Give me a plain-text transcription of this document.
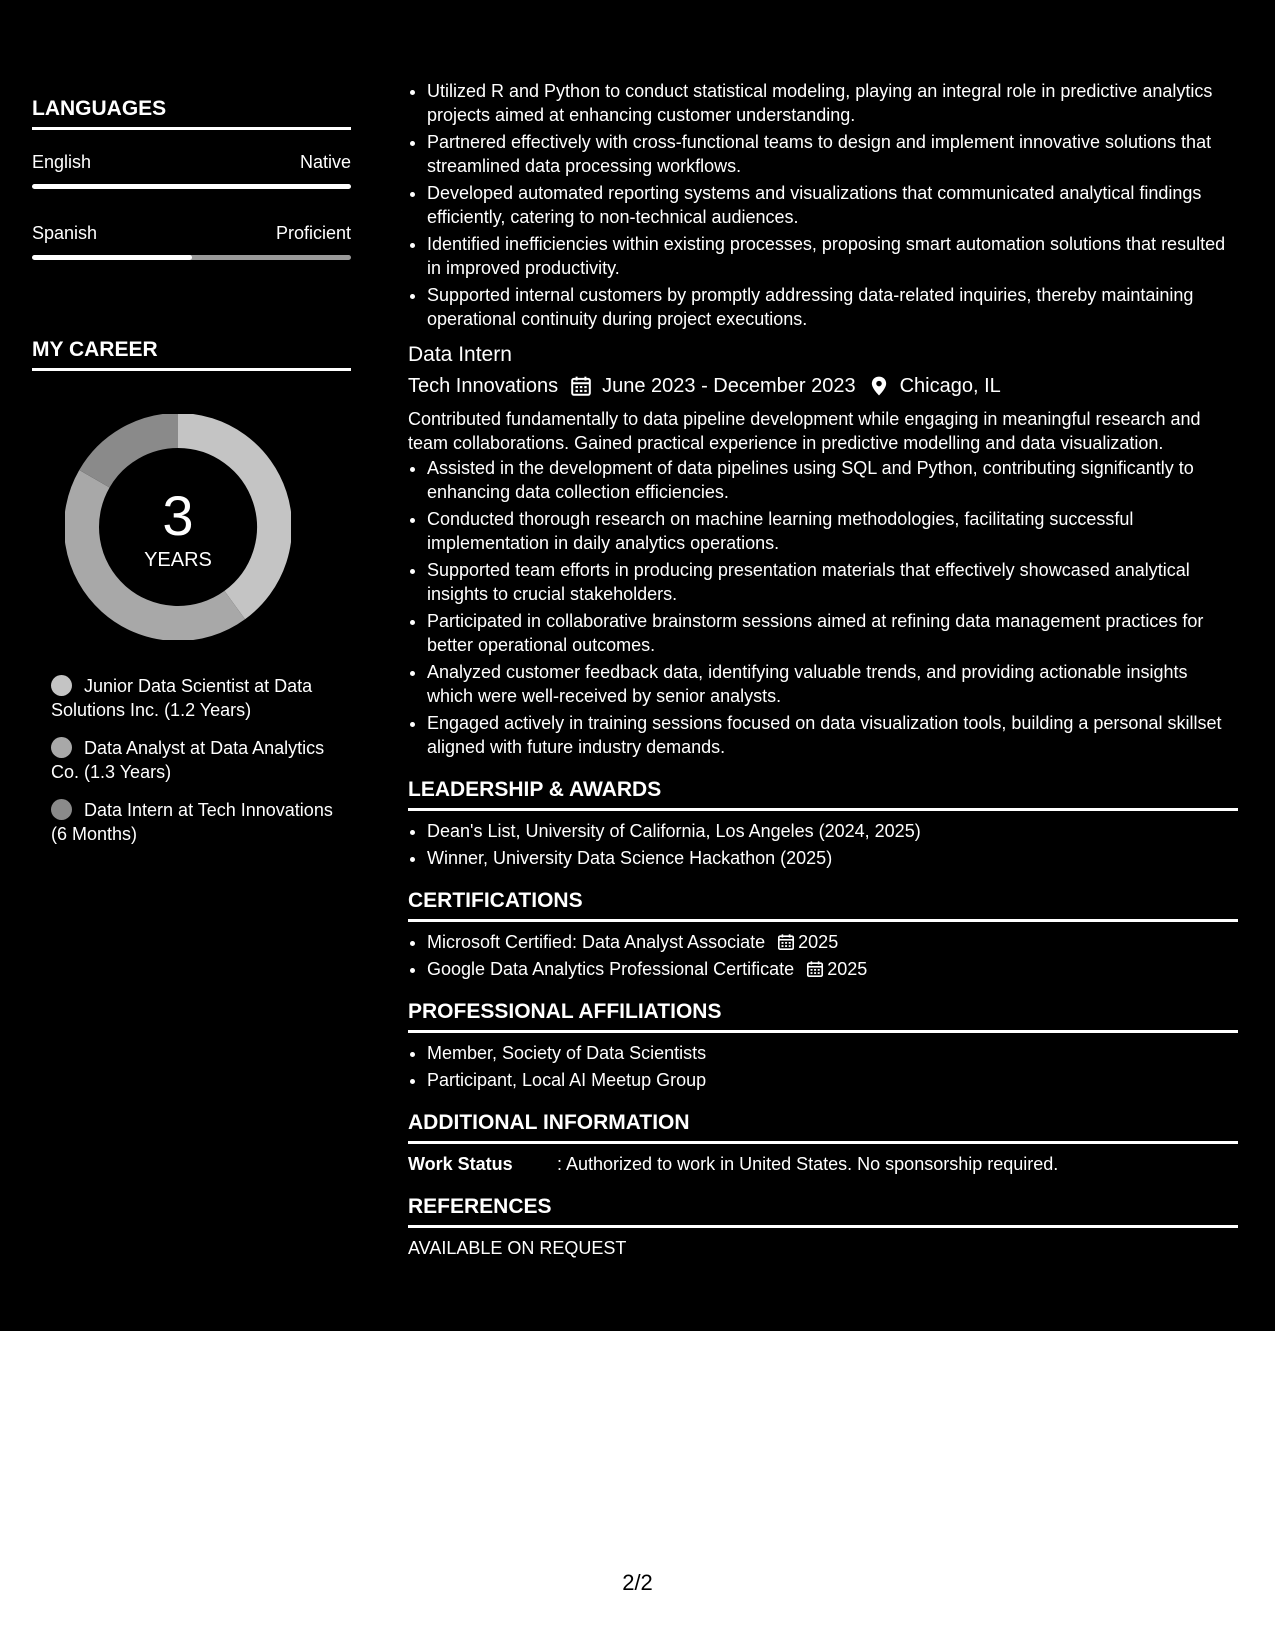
LANGUAGES
English	Native
Spanish	Proficient
MY CAREER
3
YEARS
Junior Data Scientist at Data Solutions Inc. (1.2 Years)
Data Analyst at Data Analytics Co. (1.3 Years)
Data Intern at Tech Innovations (6 Months)
• Utilized R and Python to conduct statistical modeling, playing an integral role in predictive analytics projects aimed at enhancing customer understanding.
• Partnered effectively with cross-functional teams to design and implement innovative solutions that streamlined data processing workflows.
• Developed automated reporting systems and visualizations that communicated analytical findings efficiently, catering to non-technical audiences.
• Identified inefficiencies within existing processes, proposing smart automation solutions that resulted in improved productivity.
• Supported internal customers by promptly addressing data-related inquiries, thereby maintaining operational continuity during project executions.
Data Intern
Tech Innovations June 2023 - December 2023 Chicago, IL
Contributed fundamentally to data pipeline development while engaging in meaningful research and team collaborations. Gained practical experience in predictive modelling and data visualization.
• Assisted in the development of data pipelines using SQL and Python, contributing significantly to enhancing data collection efficiencies.
• Conducted thorough research on machine learning methodologies, facilitating successful implementation in daily analytics operations.
• Supported team efforts in producing presentation materials that effectively showcased analytical insights to crucial stakeholders.
• Participated in collaborative brainstorm sessions aimed at refining data management practices for better operational outcomes.
• Analyzed customer feedback data, identifying valuable trends, and providing actionable insights which were well-received by senior analysts.
• Engaged actively in training sessions focused on data visualization tools, building a personal skillset aligned with future industry demands.
LEADERSHIP & AWARDS
• Dean's List, University of California, Los Angeles (2024, 2025)
• Winner, University Data Science Hackathon (2025)
CERTIFICATIONS
• Microsoft Certified: Data Analyst Associate 2025
• Google Data Analytics Professional Certificate 2025
PROFESSIONAL AFFILIATIONS
• Member, Society of Data Scientists
• Participant, Local AI Meetup Group
ADDITIONAL INFORMATION
Work Status	: Authorized to work in United States. No sponsorship required.
REFERENCES
AVAILABLE ON REQUEST
2/2
